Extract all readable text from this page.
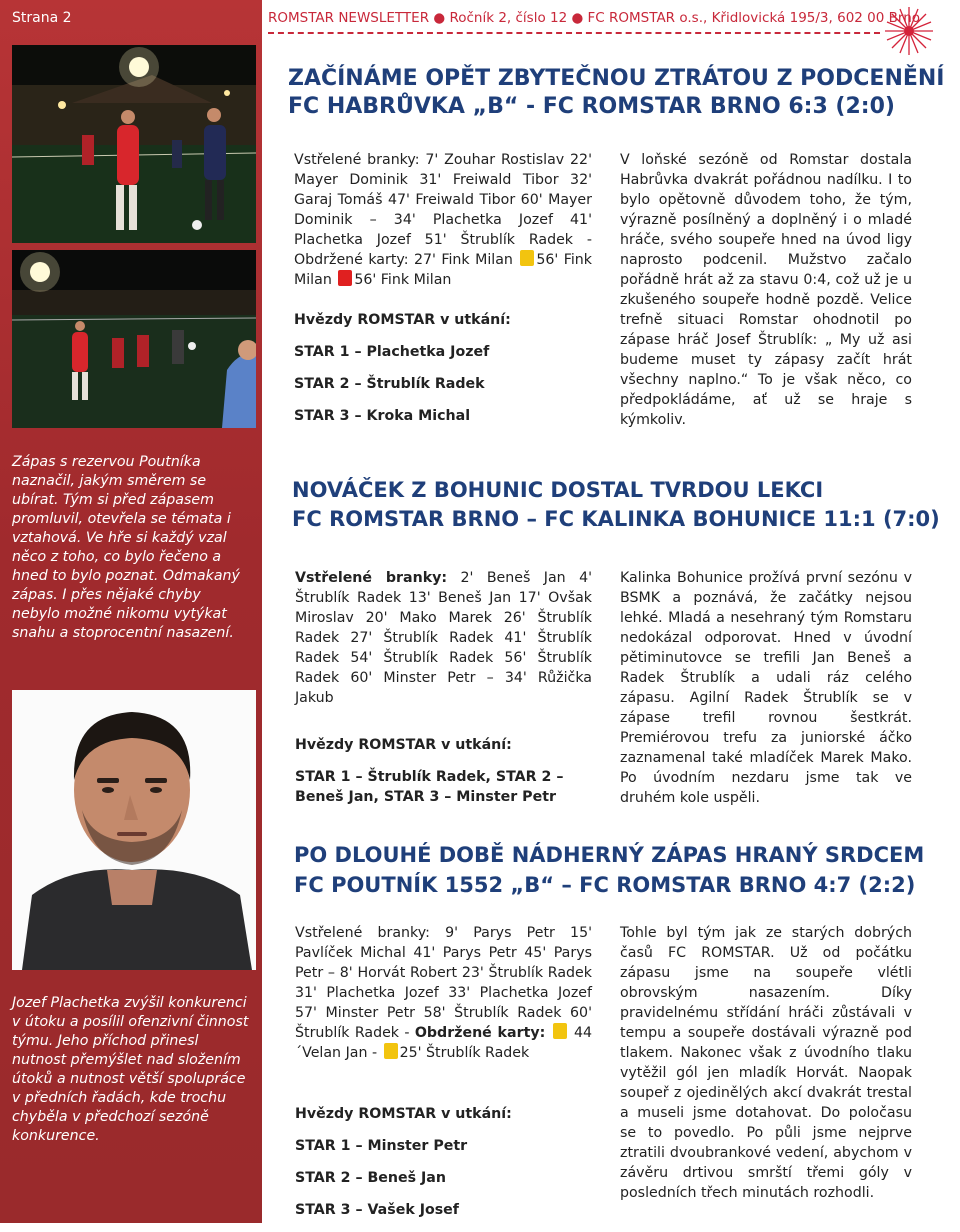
Strana 2	ROMSTAR NEWSLETTER ● Ročník 2, číslo 12 ● FC ROMSTAR o.s., Křidlovická 195/3, 602 00 Brno
Zápas s rezervou Poutníka naznačil, jakým směrem se ubírat. Tým si před zápasem promluvil, otevřela se témata i vztahová. Ve hře si každý vzal něco z toho, co bylo řečeno a hned to bylo poznat. Odmakaný zápas. I přes nějaké chyby nebylo možné nikomu vytýkat snahu a stoprocentní nasazení.
Jozef Plachetka zvýšil konkurenci v útoku a posílil ofenzivní činnost týmu. Jeho příchod přinesl nutnost přemýšlet nad složením útoků a nutnost větší spolupráce v předních řadách, kde trochu chyběla v předchozí sezóně konkurence.
ZAČÍNÁME OPĚT ZBYTEČNOU ZTRÁTOU Z PODCENĚNÍ
FC HABRŮVKA „B“ - FC ROMSTAR BRNO 6:3 (2:0)

Vstřelené branky: 7' Zouhar Rostislav 22' Mayer Dominik 31' Freiwald Tibor 32' Garaj Tomáš 47' Freiwald Tibor 60' Mayer Dominik – 34' Plachetka Jozef 41' Plachetka Jozef 51' Štrublík Radek - Obdržené karty: 27' Fink Milan 56' Fink Milan 56' Fink Milan

Hvězdy ROMSTAR v utkání:

STAR 1 – Plachetka Jozef

STAR 2 – Štrublík Radek

STAR 3 – Kroka Michal

V loňské sezóně od Romstar dostala Habrůvka dvakrát pořádnou nadílku. I to bylo opětovně důvodem toho, že tým, výrazně posílněný a doplněný i o mladé hráče, svého soupeře hned na úvod ligy naprosto podcenil. Mužstvo začalo pořádně hrát až za stavu 0:4, což už je u zkušeného soupeře hodně pozdě. Velice trefně situaci Romstar ohodnotil po zápase hráč Josef Štrublík: „ My už asi budeme muset ty zápasy začít hrát všechny naplno.“ To je však něco, co předpokládáme, ať už se hraje s kýmkoliv.
NOVÁČEK Z BOHUNIC DOSTAL TVRDOU LEKCI
FC ROMSTAR BRNO – FC KALINKA BOHUNICE 11:1 (7:0)

Vstřelené branky: 2' Beneš Jan 4' Štrublík Radek 13' Beneš Jan 17' Ovšak Miroslav 20' Mako Marek 26' Štrublík Radek 27' Štrublík Radek 41' Štrublík Radek 54' Štrublík Radek 56' Štrublík Radek 60' Minster Petr – 34' Růžička Jakub

Hvězdy ROMSTAR v utkání:

STAR 1 – Štrublík Radek, STAR 2 – Beneš Jan, STAR 3 – Minster Petr

Kalinka Bohunice prožívá první sezónu v BSMK a poznává, že začátky nejsou lehké. Mladá a nesehraný tým Romstaru nedokázal odporovat. Hned v úvodní pětiminutovce se trefili Jan Beneš a Radek Štrublík a udali ráz celého zápasu. Agilní Radek Štrublík se v zápase trefil rovnou šestkrát. Premiérovou trefu za juniorské áčko zaznamenal také mladíček Marek Mako. Po úvodním nezdaru jsme tak ve druhém kole uspěli.
PO DLOUHÉ DOBĚ NÁDHERNÝ ZÁPAS HRANÝ SRDCEM
FC POUTNÍK 1552 „B“ – FC ROMSTAR BRNO 4:7 (2:2)

Vstřelené branky: 9' Parys Petr 15' Pavlíček Michal 41' Parys Petr 45' Parys Petr – 8' Horvát Robert 23' Štrublík Radek 31' Plachetka Jozef 33' Plachetka Jozef 57' Minster Petr 58' Štrublík Radek 60' Štrublík Radek - Obdržené karty: 44´Velan Jan - 25' Štrublík Radek

Hvězdy ROMSTAR v utkání:

STAR 1 – Minster Petr

STAR 2 – Beneš Jan

STAR 3 – Vašek Josef

Tohle byl tým jak ze starých dobrých časů FC ROMSTAR. Už od počátku zápasu jsme na soupeře vlétli obrovským nasazením. Díky pravidelnému střídání hráči zůstávali v tempu a soupeře dostávali výrazně pod tlakem. Nakonec však z úvodního tlaku vytěžil gól jen mladík Horvát. Naopak soupeř z ojedinělých akcí dvakrát trestal a museli jsme dotahovat. Do poločasu se to povedlo. Po půli jsme nejprve ztratili dvoubrankové vedení, abychom v závěru drtivou smrští třemi góly v posledních třech minutách rozhodli.
